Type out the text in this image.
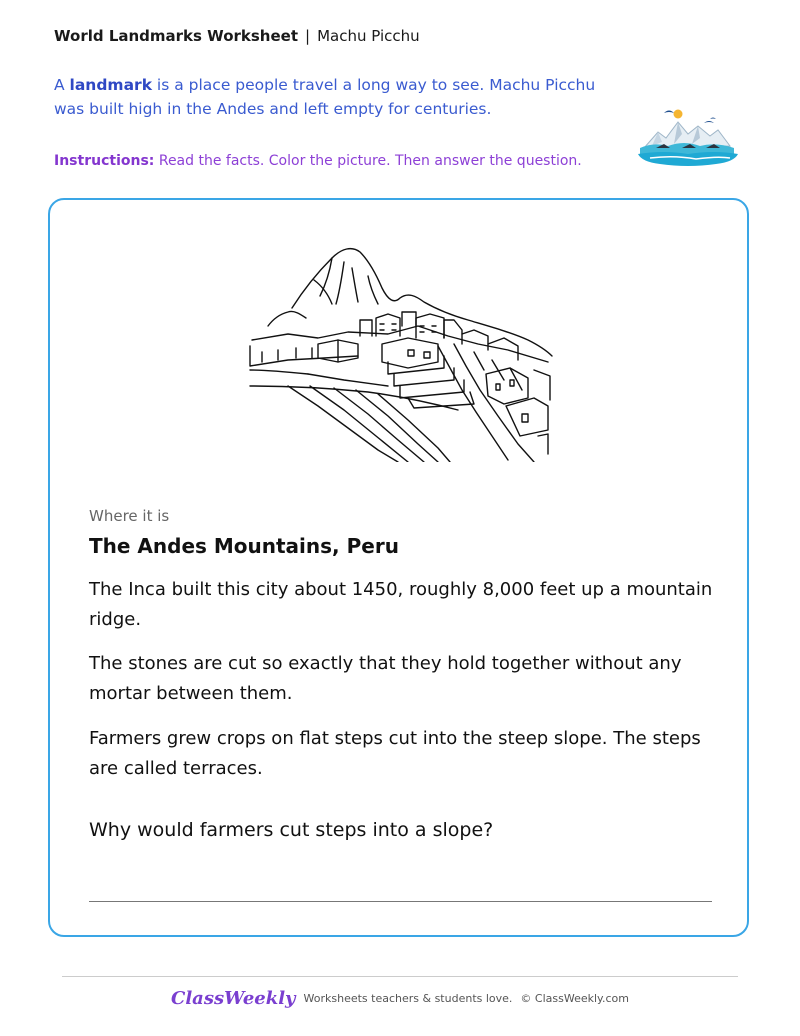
World Landmarks Worksheet | Machu Picchu
A landmark is a place people travel a long way to see. Machu Picchu was built high in the Andes and left empty for centuries.
Instructions: Read the facts. Color the picture. Then answer the question.
Where it is
The Andes Mountains, Peru
The Inca built this city about 1450, roughly 8,000 feet up a mountain ridge.
The stones are cut so exactly that they hold together without any mortar between them.
Farmers grew crops on flat steps cut into the steep slope. The steps are called terraces.
Why would farmers cut steps into a slope?
ClassWeekly Worksheets teachers & students love. © ClassWeekly.com
